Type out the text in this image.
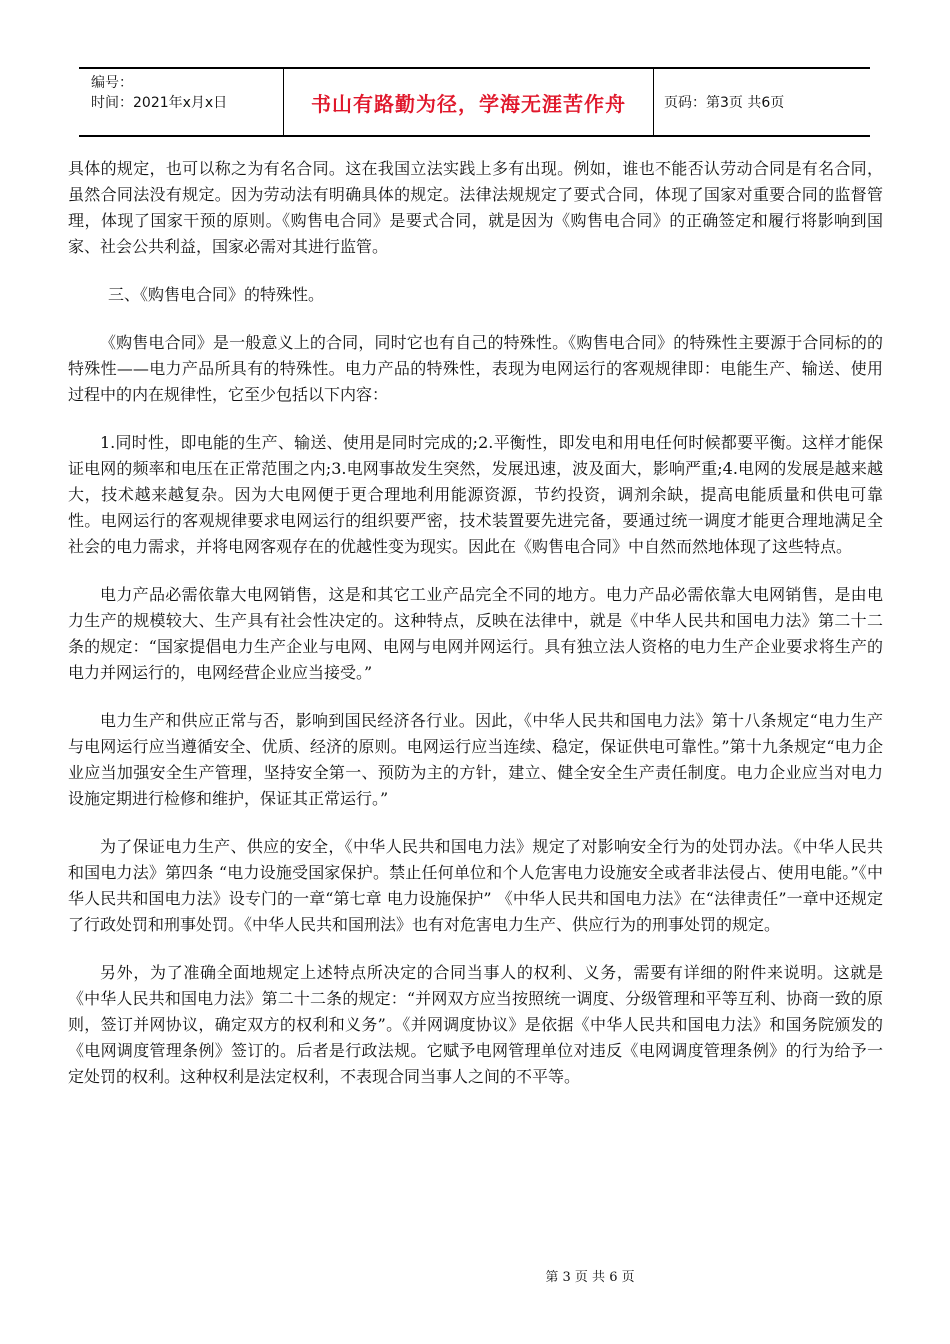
编号：
时间：2021年x月x日	书山有路勤为径，学海无涯苦作舟	页码：第3页 共6页

具体的规定，也可以称之为有名合同。这在我国立法实践上多有出现。例如，谁也不能否认劳动合同是有名合同，虽然合同法没有规定。因为劳动法有明确具体的规定。法律法规规定了要式合同，体现了国家对重要合同的监督管理，体现了国家干预的原则。《购售电合同》是要式合同，就是因为《购售电合同》的正确签定和履行将影响到国家、社会公共利益，国家必需对其进行监管。

三、《购售电合同》的特殊性。

《购售电合同》是一般意义上的合同，同时它也有自己的特殊性。《购售电合同》的特殊性主要源于合同标的的特殊性——电力产品所具有的特殊性。电力产品的特殊性，表现为电网运行的客观规律即：电能生产、输送、使用过程中的内在规律性，它至少包括以下内容：

1.同时性，即电能的生产、输送、使用是同时完成的;2.平衡性，即发电和用电任何时候都要平衡。这样才能保证电网的频率和电压在正常范围之内;3.电网事故发生突然，发展迅速，波及面大，影响严重;4.电网的发展是越来越大，技术越来越复杂。因为大电网便于更合理地利用能源资源，节约投资，调剂余缺，提高电能质量和供电可靠性。电网运行的客观规律要求电网运行的组织要严密，技术装置要先进完备，要通过统一调度才能更合理地满足全社会的电力需求，并将电网客观存在的优越性变为现实。因此在《购售电合同》中自然而然地体现了这些特点。

电力产品必需依靠大电网销售，这是和其它工业产品完全不同的地方。电力产品必需依靠大电网销售，是由电力生产的规模较大、生产具有社会性决定的。这种特点，反映在法律中，就是《中华人民共和国电力法》第二十二条的规定：“国家提倡电力生产企业与电网、电网与电网并网运行。具有独立法人资格的电力生产企业要求将生产的电力并网运行的，电网经营企业应当接受。”

电力生产和供应正常与否，影响到国民经济各行业。因此，《中华人民共和国电力法》第十八条规定“电力生产与电网运行应当遵循安全、优质、经济的原则。电网运行应当连续、稳定，保证供电可靠性。”第十九条规定“电力企业应当加强安全生产管理，坚持安全第一、预防为主的方针，建立、健全安全生产责任制度。电力企业应当对电力设施定期进行检修和维护，保证其正常运行。”

为了保证电力生产、供应的安全，《中华人民共和国电力法》规定了对影响安全行为的处罚办法。《中华人民共和国电力法》第四条 “电力设施受国家保护。禁止任何单位和个人危害电力设施安全或者非法侵占、使用电能。”《中华人民共和国电力法》设专门的一章“第七章 电力设施保护” 《中华人民共和国电力法》在“法律责任”一章中还规定了行政处罚和刑事处罚。《中华人民共和国刑法》也有对危害电力生产、供应行为的刑事处罚的规定。

另外，为了准确全面地规定上述特点所决定的合同当事人的权利、义务，需要有详细的附件来说明。这就是《中华人民共和国电力法》第二十二条的规定：“并网双方应当按照统一调度、分级管理和平等互利、协商一致的原则，签订并网协议，确定双方的权利和义务”。《并网调度协议》是依据《中华人民共和国电力法》和国务院颁发的《电网调度管理条例》签订的。后者是行政法规。它赋予电网管理单位对违反《电网调度管理条例》的行为给予一定处罚的权利。这种权利是法定权利，不表现合同当事人之间的不平等。

第 3 页 共 6 页
